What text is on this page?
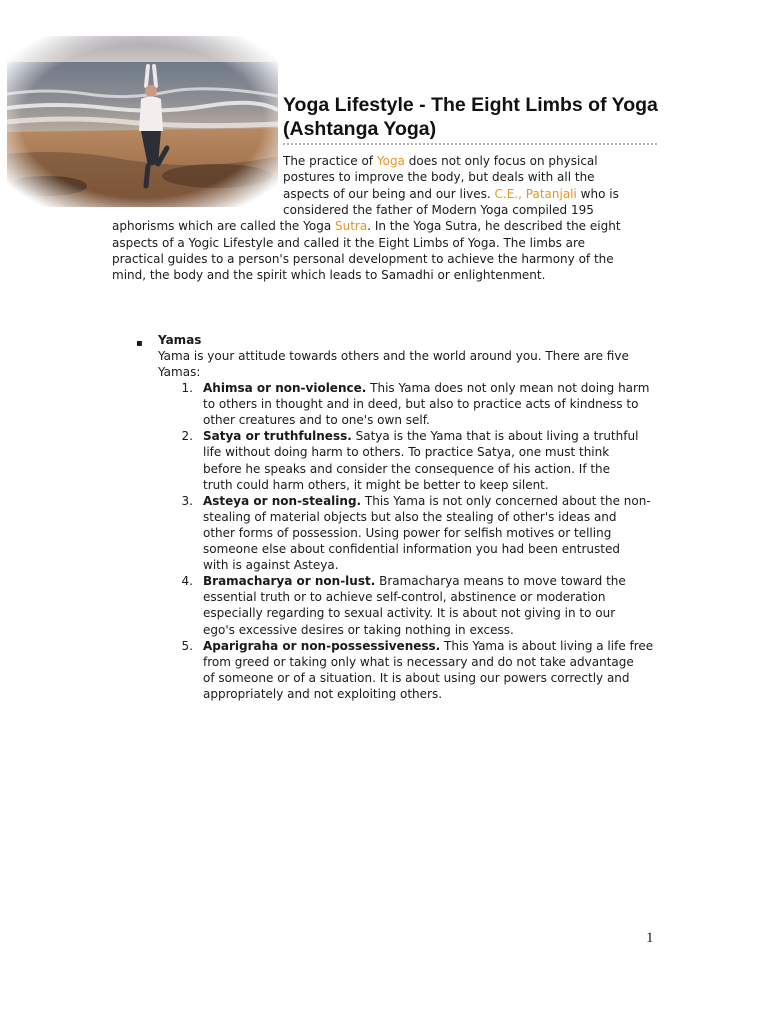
Yoga Lifestyle - The Eight Limbs of Yoga (Ashtanga Yoga)
The practice of Yoga does not only focus on physical
postures to improve the body, but deals with all the
aspects of our being and our lives. C.E., Patanjali who is
considered the father of Modern Yoga compiled 195
aphorisms which are called the Yoga Sutra. In the Yoga Sutra, he described the eight
aspects of a Yogic Lifestyle and called it the Eight Limbs of Yoga. The limbs are
practical guides to a person's personal development to achieve the harmony of the
mind, the body and the spirit which leads to Samadhi or enlightenment.
Yamas
Yama is your attitude towards others and the world around you. There are five
Yamas:
1. Ahimsa or non-violence. This Yama does not only mean not doing harm
to others in thought and in deed, but also to practice acts of kindness to
other creatures and to one's own self.
2. Satya or truthfulness. Satya is the Yama that is about living a truthful
life without doing harm to others. To practice Satya, one must think
before he speaks and consider the consequence of his action. If the
truth could harm others, it might be better to keep silent.
3. Asteya or non-stealing. This Yama is not only concerned about the non-
stealing of material objects but also the stealing of other's ideas and
other forms of possession. Using power for selfish motives or telling
someone else about confidential information you had been entrusted
with is against Asteya.
4. Bramacharya or non-lust. Bramacharya means to move toward the
essential truth or to achieve self-control, abstinence or moderation
especially regarding to sexual activity. It is about not giving in to our
ego's excessive desires or taking nothing in excess.
5. Aparigraha or non-possessiveness. This Yama is about living a life free
from greed or taking only what is necessary and do not take advantage
of someone or of a situation. It is about using our powers correctly and
appropriately and not exploiting others.
▪
1
